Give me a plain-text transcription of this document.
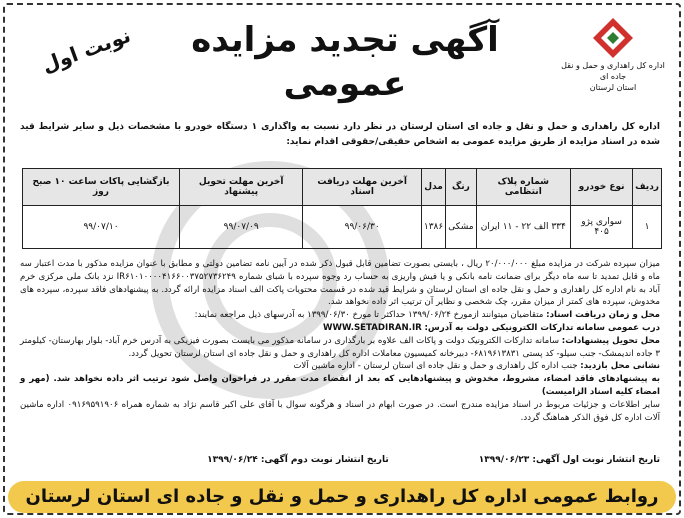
اداره کل راهداری و حمل و نقل جاده ای
استان لرستان
آگهی تجدید مزایده
عمومی
نوبت اول
اداره کل راهداری و حمل و نقل و جاده ای استان لرستان در نظر دارد نسبت به واگذاری ۱ دستگاه خودرو با مشخصات ذیل و سایر شرایط قید شده در اسناد مزایده از طریق مزایده عمومی به اشخاص حقیقی/حقوقی اقدام نماید:
ردیف	نوع خودرو	شماره پلاک انتظامی	رنگ	مدل	آخرین مهلت دریافت اسناد	آخرین مهلت تحویل پیشنهاد	بازگشایی پاکات ساعت ۱۰ صبح روز
۱	سواری پژو ۴۰۵	۳۳۴ الف ۲۲ - ۱۱ ایران	مشکی	۱۳۸۶	۹۹/۰۶/۳۰	۹۹/۰۷/۰۹	۹۹/۰۷/۱۰

میزان سپرده شرکت در مزایده مبلغ ۲۰/۰۰۰/۰۰۰ ریال ، بایستی بصورت تضامین قابل قبول ذکر شده در آیین نامه تضامین دولتی و مطابق با عنوان مزایده مذکور با مدت اعتبار سه ماه و قابل تمدید تا سه ماه دیگر برای ضمانت نامه بانکی و یا فیش واریزی به حساب رد وجوه سپرده با شبای شماره IR۶۱۰۱۰۰۰۰۴۱۶۶۰۰۳۷۵۲۷۳۶۲۴۹ نزد بانک ملی مرکزی خرم آباد به نام اداره کل راهداری و حمل و نقل جاده ای استان لرستان و شرایط قید شده در قسمت محتویات پاکت الف اسناد مزایده ارائه گردد. به پیشنهادهای فاقد سپرده، سپرده های مخدوش، سپرده های کمتر از میزان مقرر، چک شخصی و نظایر آن ترتیب اثر داده نخواهد شد.

محل و زمان دریافت اسناد: متقاضیان میتوانند ازمورخ ۱۳۹۹/۰۶/۲۴ حداکثر تا مورخ ۱۳۹۹/۰۶/۳۰ به آدرسهای ذیل مراجعه نمایند:

درب عمومی سامانه تدارکات الکترونیکی دولت به آدرس: WWW.SETADIRAN.IR

محل تحویل پیشنهادات: سامانه تدارکات الکترونیک دولت و پاکات الف علاوه بر بارگذاری در سامانه مذکور می بایست بصورت فیزیکی به آدرس خرم آباد- بلوار بهارستان- کیلومتر ۳ جاده اندیمشک- جنب سیلو- کد پستی ۶۸۱۹۶۱۳۸۳۱- دبیرخانه کمیسیون معاملات اداره کل راهداری و حمل و نقل جاده ای استان لرستان تحویل گردد.

نشانی محل بازدید: جنب اداره کل راهداری و حمل و نقل جاده ای استان لرستان - اداره ماشین آلات

به پیشنهادهای فاقد امضاء، مشروط، مخدوش و پیشنهادهایی که بعد از انقضاء مدت مقرر در فراخوان واصل شود ترتیب اثر داده نخواهد شد. (مهر و امضاء کلیه اسناد الزامیست)

سایر اطلاعات و جزئیات مربوط در اسناد مزایده مندرج است. در صورت ابهام در اسناد و هرگونه سوال با آقای علی اکبر قاسم نژاد به شماره همراه ۰۹۱۶۹۵۹۱۹۰۶ اداره ماشین آلات اداره کل فوق الذکر هماهنگ گردد.

تاریخ انتشار نوبت اول آگهی: ۱۳۹۹/۰۶/۲۳
تاریخ انتشار نوبت دوم آگهی: ۱۳۹۹/۰۶/۲۴
روابط عمومی اداره کل راهداری و حمل و نقل و جاده ای استان لرستان
